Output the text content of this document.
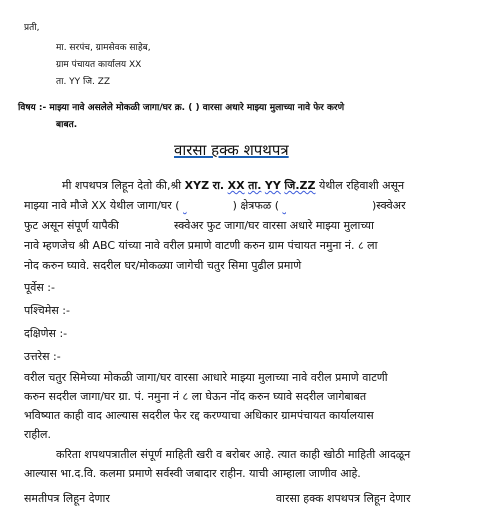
प्रती,
मा. सरपंच, ग्रामसेवक साहेब,
ग्राम पंचायत कार्यालय XX
ता. YY जि. ZZ
विषय :- माझ्या नावे असलेले मोकळी जागा/घर क्र. ( ) वारसा अधारे माझ्या मुलाच्या नावे फेर करणे
बाबत.
वारसा हक्क शपथपत्र
मी शपथपत्र लिहून देतो की,श्री XYZ रा. XX ता. YY जि.ZZ येथील रहिवाशी असून
माझ्या नावे मौजे XX येथील जागा/घर (	) क्षेत्रफळ (	)स्क्वेअर
फुट असून संपूर्ण यापैकी	स्क्वेअर फुट जागा/घर वारसा अधारे माझ्या मुलाच्या
नावे म्हणजेच श्री ABC यांच्या नावे वरील प्रमाणे वाटणी करुन ग्राम पंचायत नमुना नं. ८ ला
नोद करुन घ्यावे. सदरील घर/मोकळ्या जागेची चतुर सिमा पुढील प्रमाणे
पूर्वेस :-
पश्चिमेस :-
दक्षिणेस :-
उत्तरेस :-
वरील चतुर सिमेच्या मोकळी जागा/घर वारसा आधारे माझ्या मुलाच्या नावे वरील प्रमाणे वाटणी
करुन सदरील जागा/घर ग्रा. पं. नमुना नं ८ ला घेऊन नोंद करुन घ्यावे सदरील जागेबाबत
भविष्यात काही वाद आल्यास सदरील फेर रद्द करण्याचा अधिकार ग्रामपंचायत कार्यालयास
राहील.
करिता शपथपत्रातील संपूर्ण माहिती खरी व बरोबर आहे. त्यात काही खोठी माहिती आदळून
आल्यास भा.द.वि. कलमा प्रमाणे सर्वस्वी जबादार राहीन. याची आम्हाला जाणीव आहे.
समतीपत्र लिहून देणार	वारसा हक्क शपथपत्र लिहून देणार
